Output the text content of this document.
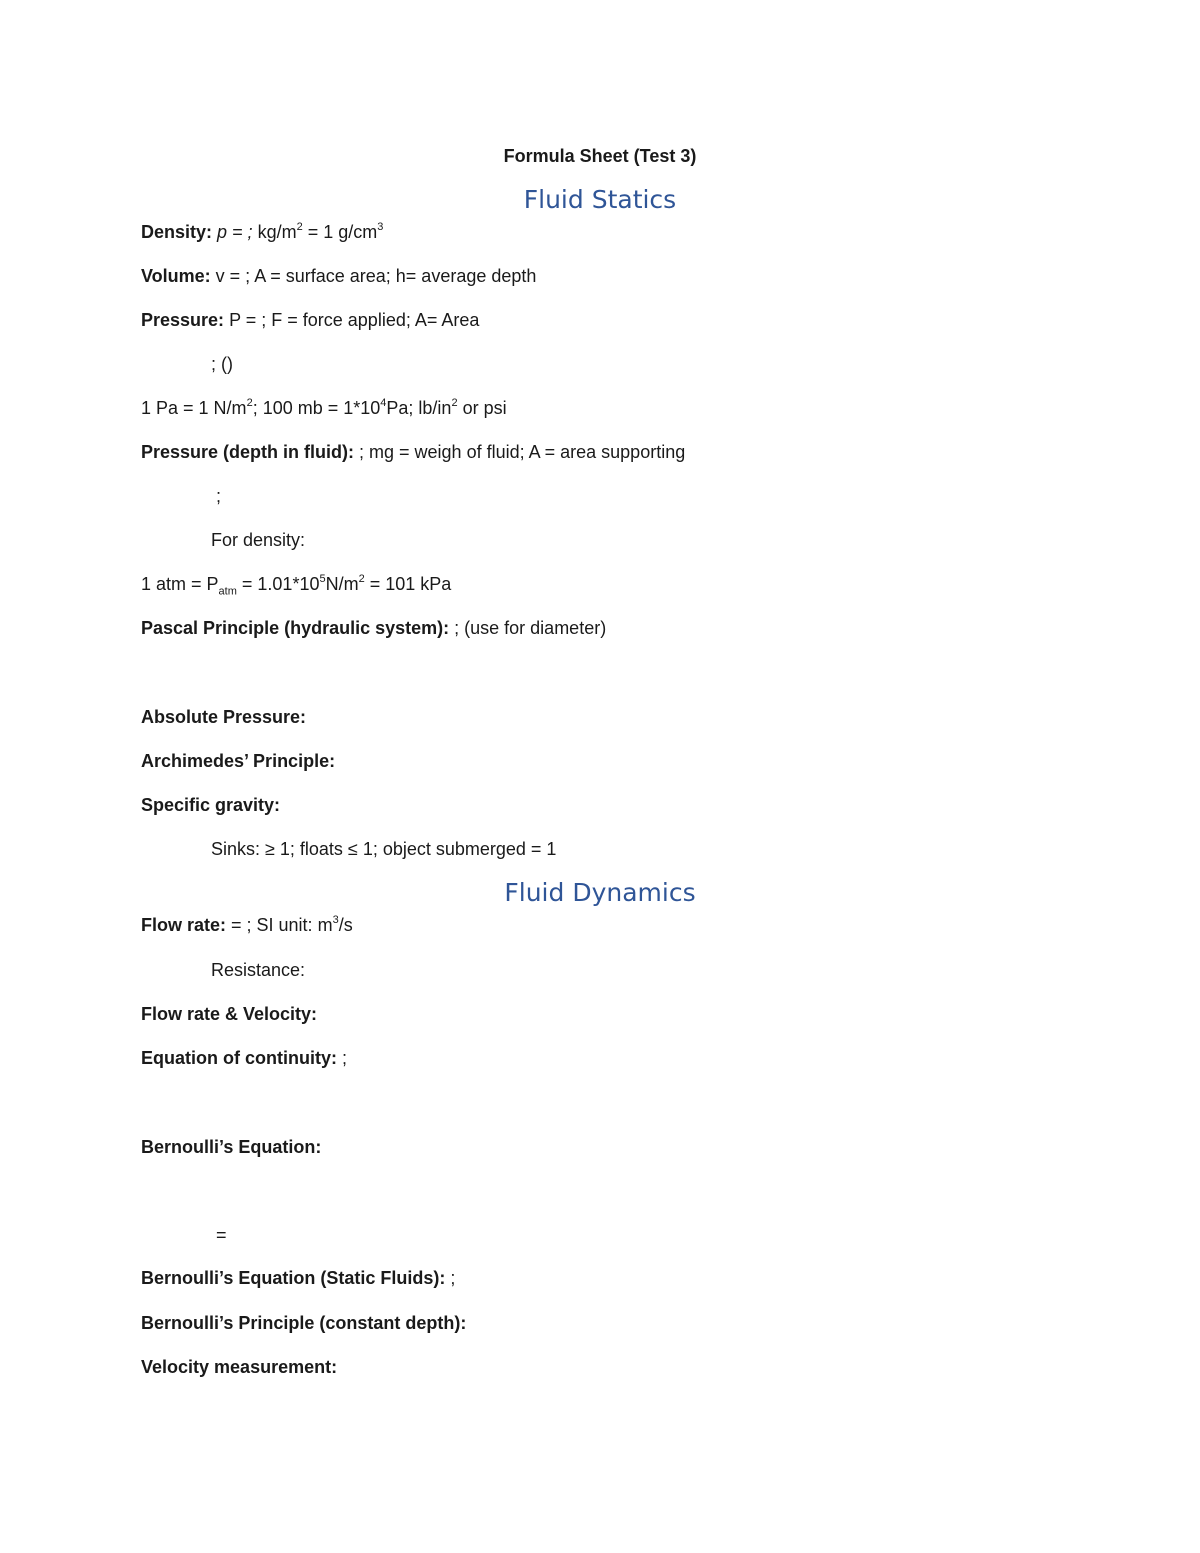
Formula Sheet (Test 3)
Fluid Statics
Density: p = ; $kg/m^2 = 1$ $g/cm^3$
Volume: v = ; A = surface area; h= average depth
Pressure: P = ; F = force applied; A= Area
; ()
1 Pa = 1 $N/m^2$; 100 mb = $1*10^4Pa$; $lb/in^2$ or psi
Pressure (depth in fluid): ; mg = weigh of fluid; A = area supporting
;
For density:
1 atm = $P_{atm} = 1.01*10^5N/m^2 = 101$ kPa
Pascal Principle (hydraulic system): ; (use for diameter)
Absolute Pressure:
Archimedes’ Principle:
Specific gravity:
Sinks: ≥ 1; floats ≤ 1; object submerged = 1
Fluid Dynamics
Flow rate: = ; SI unit: $m^3/s$
Resistance:
Flow rate & Velocity:
Equation of continuity: ;
Bernoulli’s Equation:
=
Bernoulli’s Equation (Static Fluids): ;
Bernoulli’s Principle (constant depth):
Velocity measurement:
